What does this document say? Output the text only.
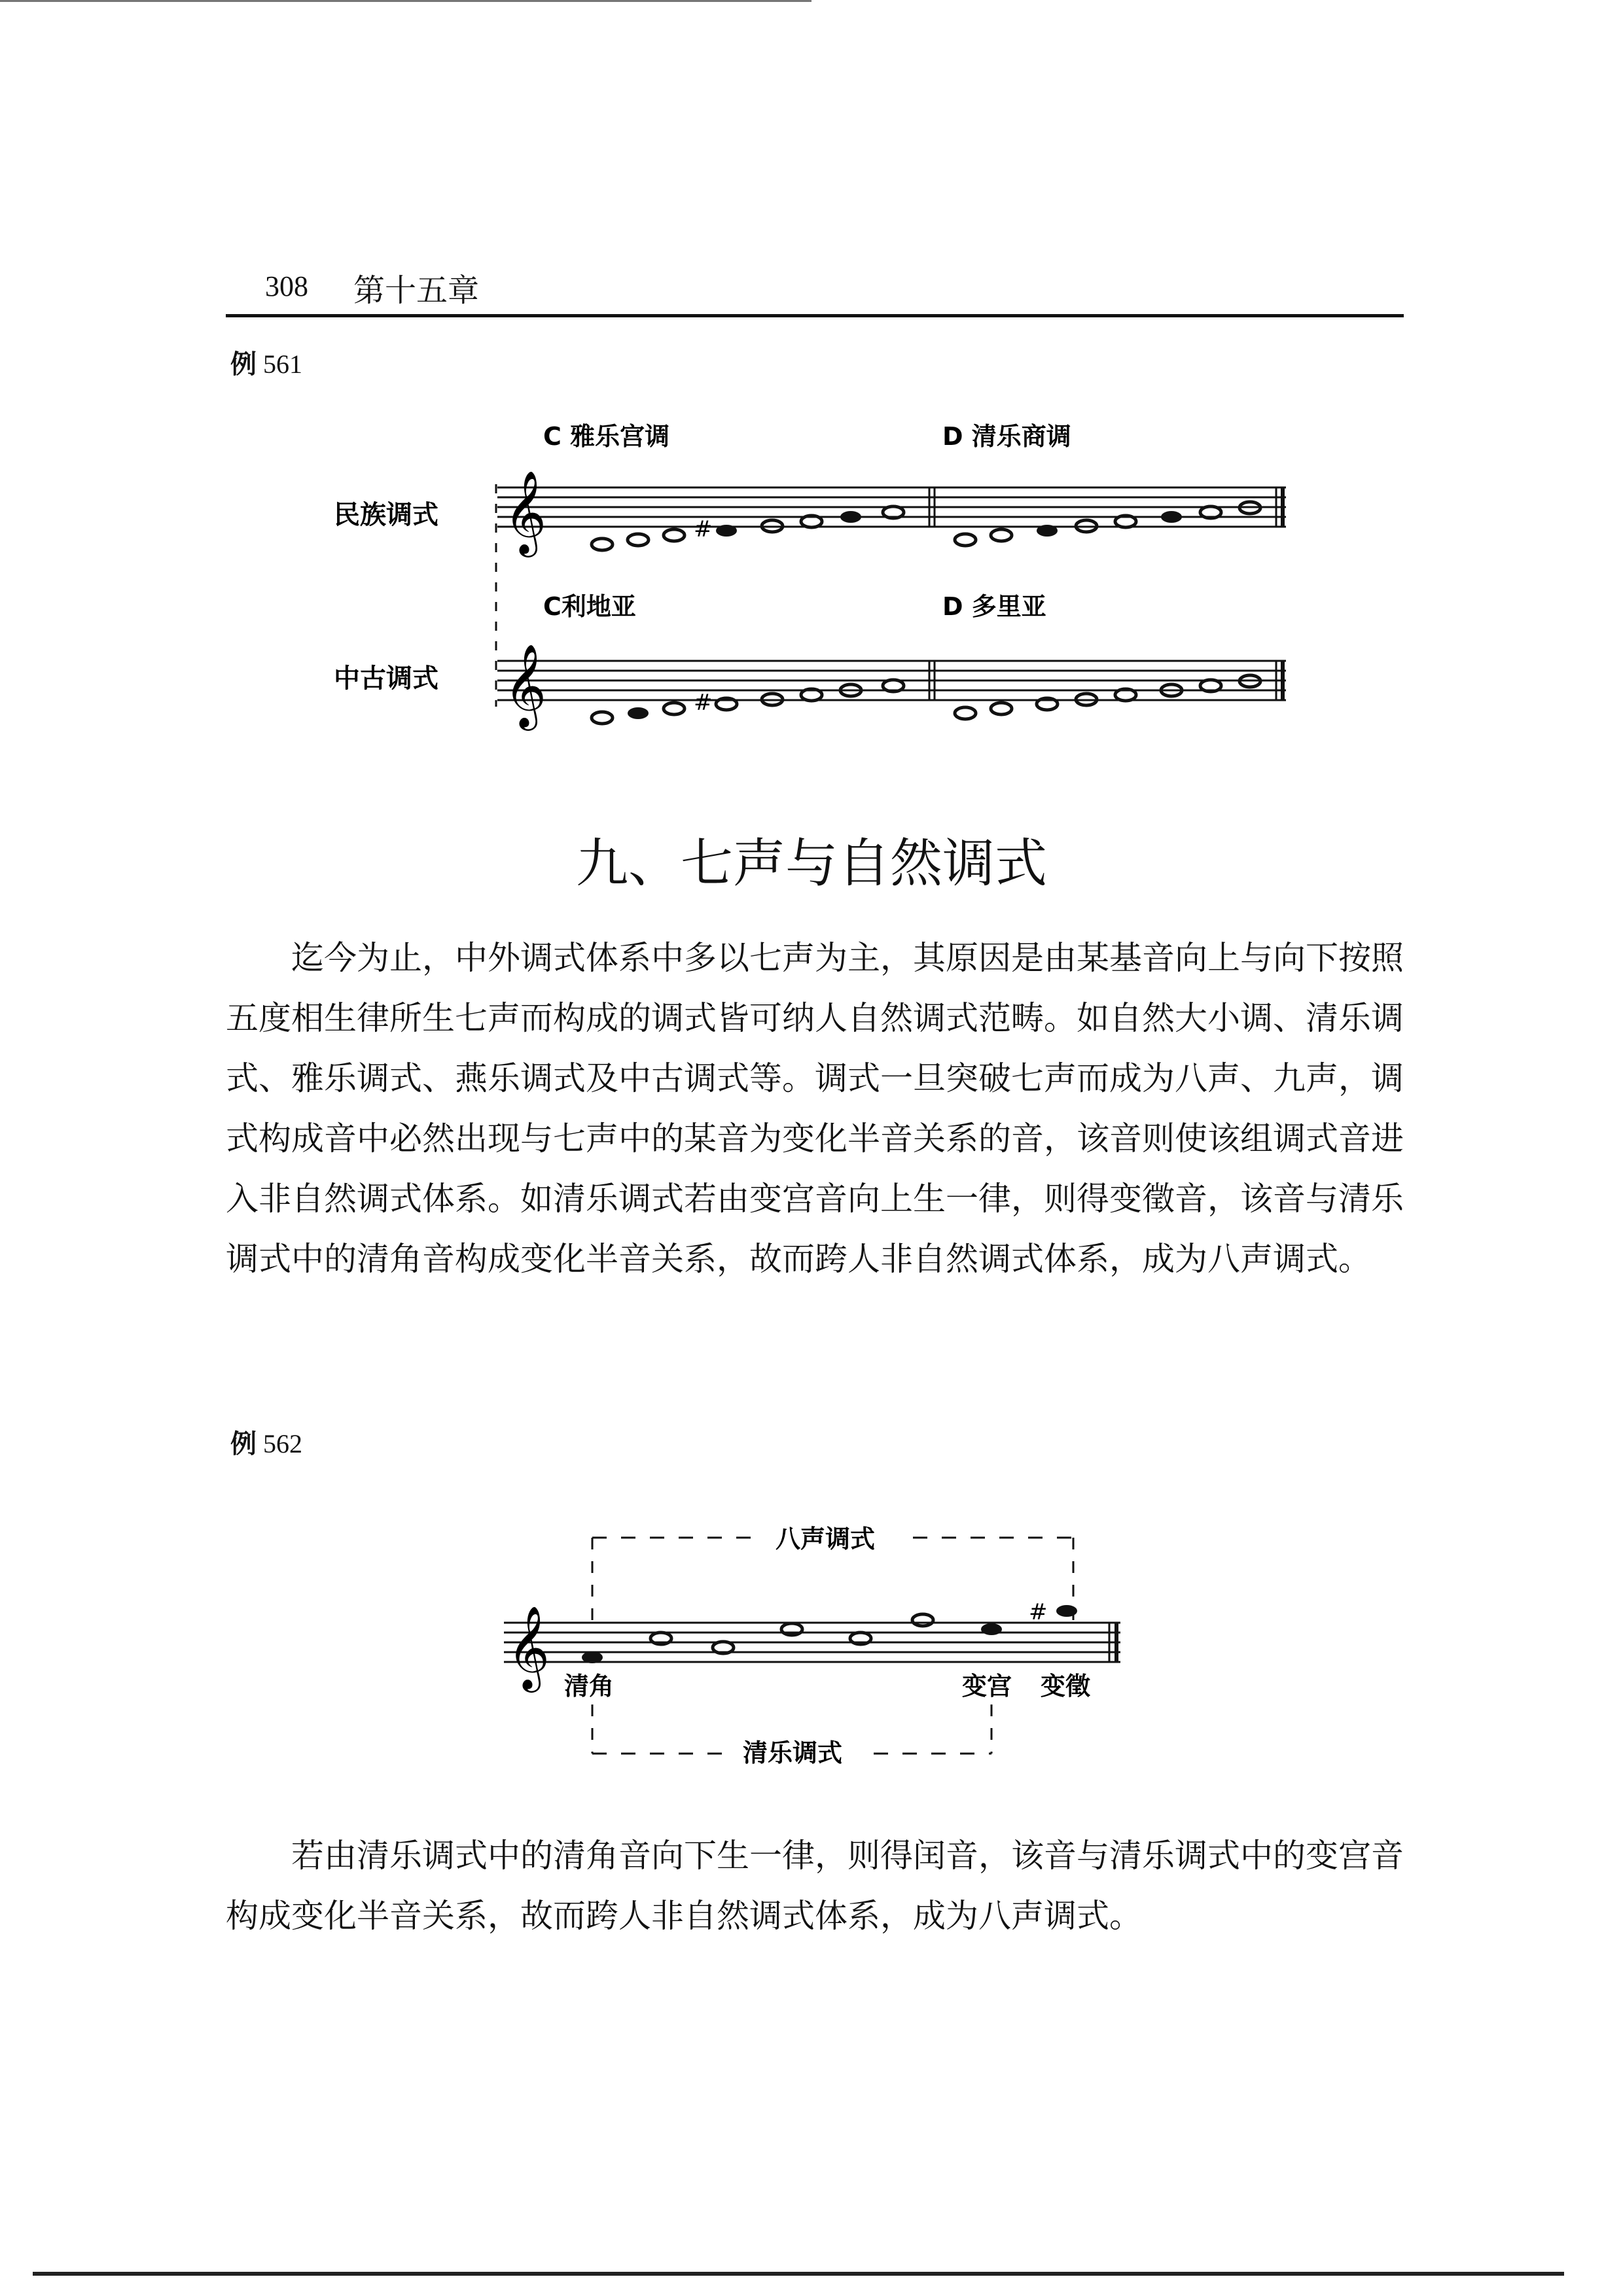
308 第十五章
例 561
民族调式
C 雅乐宫调	D 清乐商调
中古调式
C利地亚	D 多里亚
𝄞	#
𝄞	#
九、七声与自然调式

迄今为止，中外调式体系中多以七声为主，其原因是由某基音向上与向下按照五度相生律所生七声而构成的调式皆可纳人自然调式范畴。如自然大小调、清乐调式、雅乐调式、燕乐调式及中古调式等。调式一旦突破七声而成为八声、九声，调式构成音中必然出现与七声中的某音为变化半音关系的音，该音则使该组调式音进入非自然调式体系。如清乐调式若由变宫音向上生一律，则得变徵音，该音与清乐调式中的清角音构成变化半音关系，故而跨人非自然调式体系，成为八声调式。

例 562
八声调式
𝄞	#
清角	变宫 变徵
清乐调式

若由清乐调式中的清角音向下生一律，则得闰音，该音与清乐调式中的变宫音构成变化半音关系，故而跨人非自然调式体系，成为八声调式。
